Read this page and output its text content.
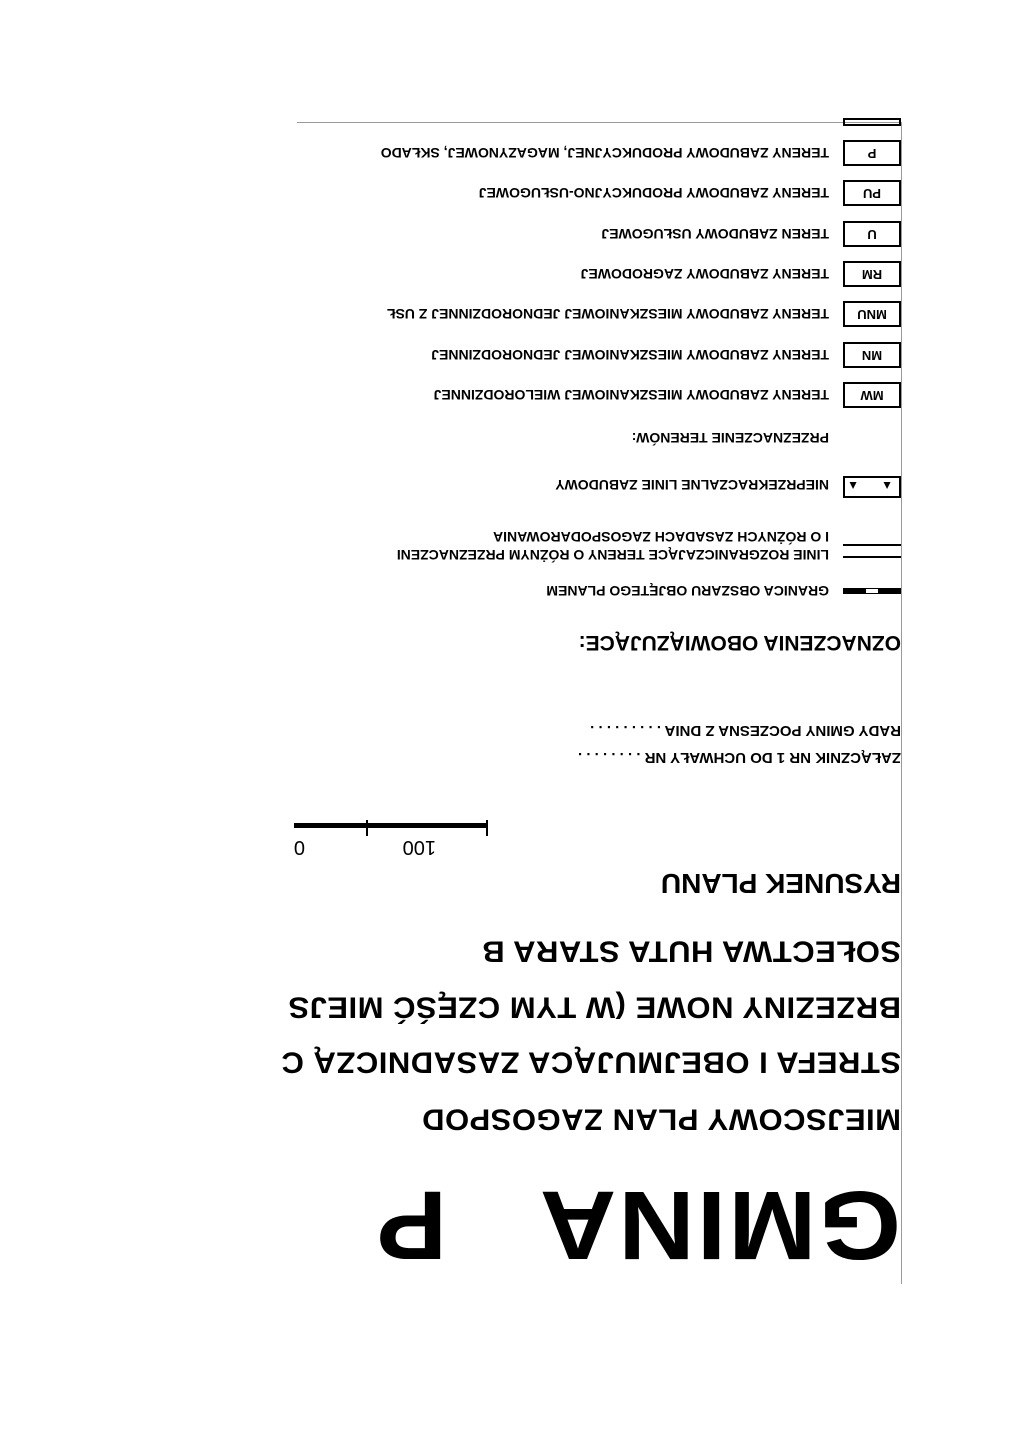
GMINA   P
MIEJSCOWY PLAN ZAGOSPOD
STREFA I OBEJMUJĄCA ZASADNICZĄ C
BRZEZINY NOWE (W TYM CZĘŚĆ MIEJS
SOŁECTWA HUTA STARA B
RYSUNEK PLANU
0	100
ZAŁĄCZNIK NR 1 DO UCHWAŁY NR . . . . . . . .
RADY GMINY POCZESNA Z DNIA . . . . . . . . .
OZNACZENIA OBOWIĄZUJĄCE:
GRANICA OBSZARU OBJĘTEGO PLANEM
LINIE ROZGRANICZAJĄCE TERENY O RÓŻNYM PRZEZNACZENI
I O RÓŻNYCH ZASADACH ZAGOSPODAROWANIA
▲
▲
NIEPRZEKRACZALNE LINIE ZABUDOWY
PRZEZNACZENIE TERENÓW:
MW
TERENY ZABUDOWY MIESZKANIOWEJ WIELORODZINNEJ
MN
TERENY ZABUDOWY MIESZKANIOWEJ JEDNORODZINNEJ
MNU
TERENY ZABUDOWY MIESZKANIOWEJ JEDNORODZINNEJ Z USŁ
RM
TERENY ZABUDOWY ZAGRODOWEJ
U
TEREN ZABUDOWY USŁUGOWEJ
PU
TERENY ZABUDOWY PRODUKCYJNO-USŁUGOWEJ
P
TERENY ZABUDOWY PRODUKCYJNEJ, MAGAZYNOWEJ, SKŁADO
